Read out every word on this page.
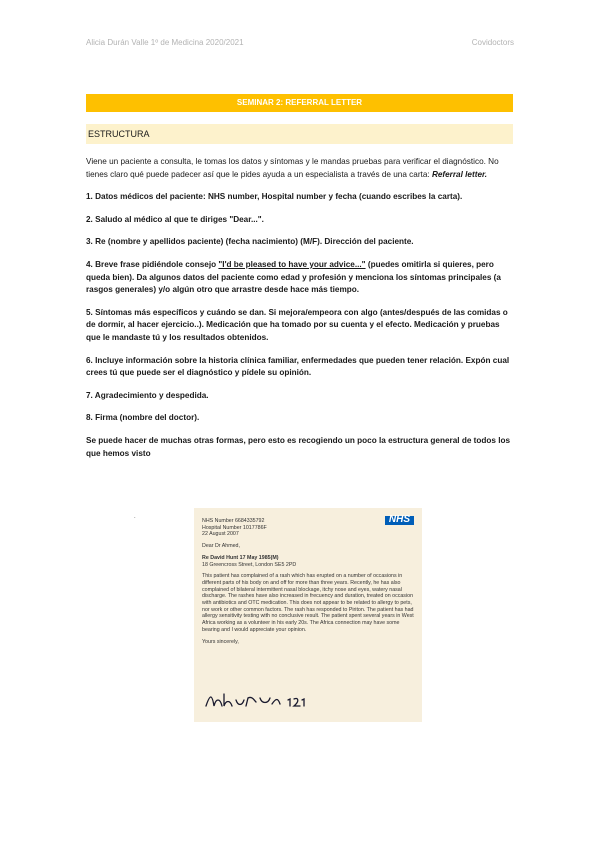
Alicia Durán Valle 1º de Medicina 2020/2021	Covidoctors
SEMINAR 2: REFERRAL LETTER
ESTRUCTURA

Viene un paciente a consulta, le tomas los datos y síntomas y le mandas pruebas para verificar el diagnóstico. No tienes claro qué puede padecer así que le pides ayuda a un especialista a través de una carta: Referral letter.

1. Datos médicos del paciente: NHS number, Hospital number y fecha (cuando escribes la carta).

2. Saludo al médico al que te diriges "Dear...".

3. Re (nombre y apellidos paciente) (fecha nacimiento) (M/F). Dirección del paciente.

4. Breve frase pidiéndole consejo "I'd be pleased to have your advice..." (puedes omitirla si quieres, pero queda bien). Da algunos datos del paciente como edad y profesión y menciona los síntomas principales (a rasgos generales) y/o algún otro que arrastre desde hace más tiempo.

5. Síntomas más específicos y cuándo se dan. Si mejora/empeora con algo (antes/después de las comidas o de dormir, al hacer ejercicio..). Medicación que ha tomado por su cuenta y el efecto. Medicación y pruebas que le mandaste tú y los resultados obtenidos.

6. Incluye información sobre la historia clínica familiar, enfermedades que pueden tener relación. Expón cual crees tú que puede ser el diagnóstico y pídele su opinión.

7. Agradecimiento y despedida.

8. Firma (nombre del doctor).

Se puede hacer de muchas otras formas, pero esto es recogiendo un poco la estructura general de todos los que hemos visto

.	NHS
NHS Number 6684335792
Hospital Number 1017786F
22 August 2007
Dear Dr Ahmed,
Re David Hunt 17 May 1985(M)
18 Greencross Street, London SE5 2PD
This patient has complained of a rash which has erupted on a number of occasions in different parts of his body on and off for more than three years. Recently, he has also complained of bilateral intermittent nasal blockage, itchy nose and eyes, watery nasal discharge. The rashes have also increased in frecuency and duration, treated on occasion with antibiotics and OTC medication. This does not appear to be related to allergy to pets, nor work or other common factors. The rash has responded to Piriton. The patient has had allergy sensitivity testing with no conclusive result. The patient spent several years in West Africa working as a volunteer in his early 20s. The Africa connection may have some bearing and I would appreciate your opinion.
Yours sincerely,
